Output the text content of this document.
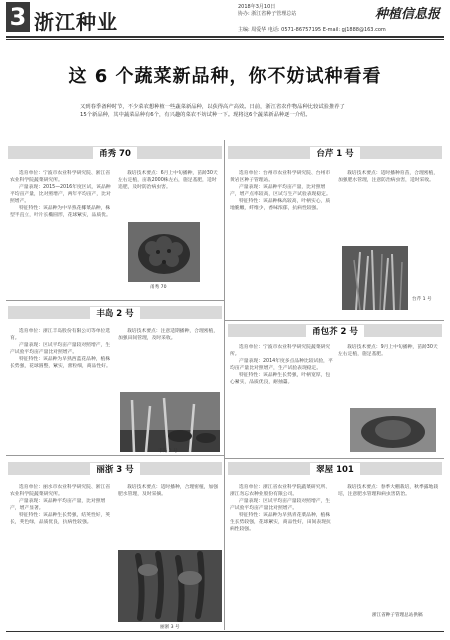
3 浙江种业
2018年3月10日
协办: 浙江省种子管理总站	种植信息报
主编: 周爱华 电话: 0571-86757195 E-mail: gj1888@163.com
这 6 个蔬菜新品种，你不妨试种看看
又到春季备种时节，不少菜农想种植一些蔬菜新品种，以获得高产高效。日前，浙江省农作物品种比较试验推荐了
15个新品种，其中蔬菜品种有6个，有兴趣的菜农不妨试种一下。现将这6个蔬菜新品种逐一介绍。
甬秀 70

选育单位：宁波市农业科学研究院、浙江省农业科学院蔬菜研究所。

产量表现：2015—2016年度区试，该品种平均亩产量，比对照增产，两年平均亩产，比对照增产。

特征特性：该品种为中早熟花椰菜品种，株型半直立，叶片长椭圆形，花球紧实，品质优。

栽培技术要点：6月上中旬播种，苗龄30天左右定植，亩栽2000株左右，施足基肥，适时追肥，及时防治病虫害。

甬秀 70
台芹 1 号

选育单位：台州市农业科学研究院、台州市黄岩区种子管理站。

产量表现：该品种平均亩产量，比对照增产，增产点率较高，区试与生产试验表现稳定。

特征特性：该品种株高较高，叶柄实心，质地脆嫩，纤维少，香味浓郁，抗病性较强。

栽培技术要点：适时播种育苗，合理密植，加强肥水管理，注意防治病虫害，适时采收。

台芹 1 号
丰岛 2 号

选育单位：浙江丰岛股份有限公司等单位选育。

产量表现：区试平均亩产量较对照增产，生产试验平均亩产量比对照增产。

特征特性：该品种为早熟西蓝花品种，植株长势强，花球圆整，紧实，蕾粒细，商品性好。

栽培技术要点：注意适期播种，合理密植，加强田间管理，及时采收。

丰岛 2 号
甬包芥 2 号

选育单位：宁波市农业科学研究院蔬菜研究所。

产量表现：2014年度多点品种比较试验，平均亩产量比对照增产，生产试验表现稳定。

特征特性：该品种生长势强，叶柄宽厚，包心紧实，品质优良，耐抽薹。

栽培技术要点：9月上中旬播种，苗龄30天左右定植，施足基肥。

丽浙 3 号

选育单位：丽水市农业科学研究院、浙江省农业科学院蔬菜研究所。

产量表现：该品种平均亩产量，比对照增产，增产显著。

特征特性：该品种生长势强，结荚性好，荚长，荚色绿，品质优良，抗病性较强。

栽培技术要点：适时播种，合理密植，加强肥水管理，及时采摘。

丽浙 3 号
翠屋 101

选育单位：浙江省农业科学院蔬菜研究所、浙江勿忘农种业股份有限公司。

产量表现：区试平均亩产量较对照增产，生产试验平均亩产量比对照增产。

特征特性：该品种为早熟青花菜品种，植株生长势较强，花球紧实，商品性好，田间表现抗病性较强。

栽培技术要点：春季大棚栽培，秋季露地栽培，注意肥水管理和病虫害防治。

浙江省种子管理总站供稿
